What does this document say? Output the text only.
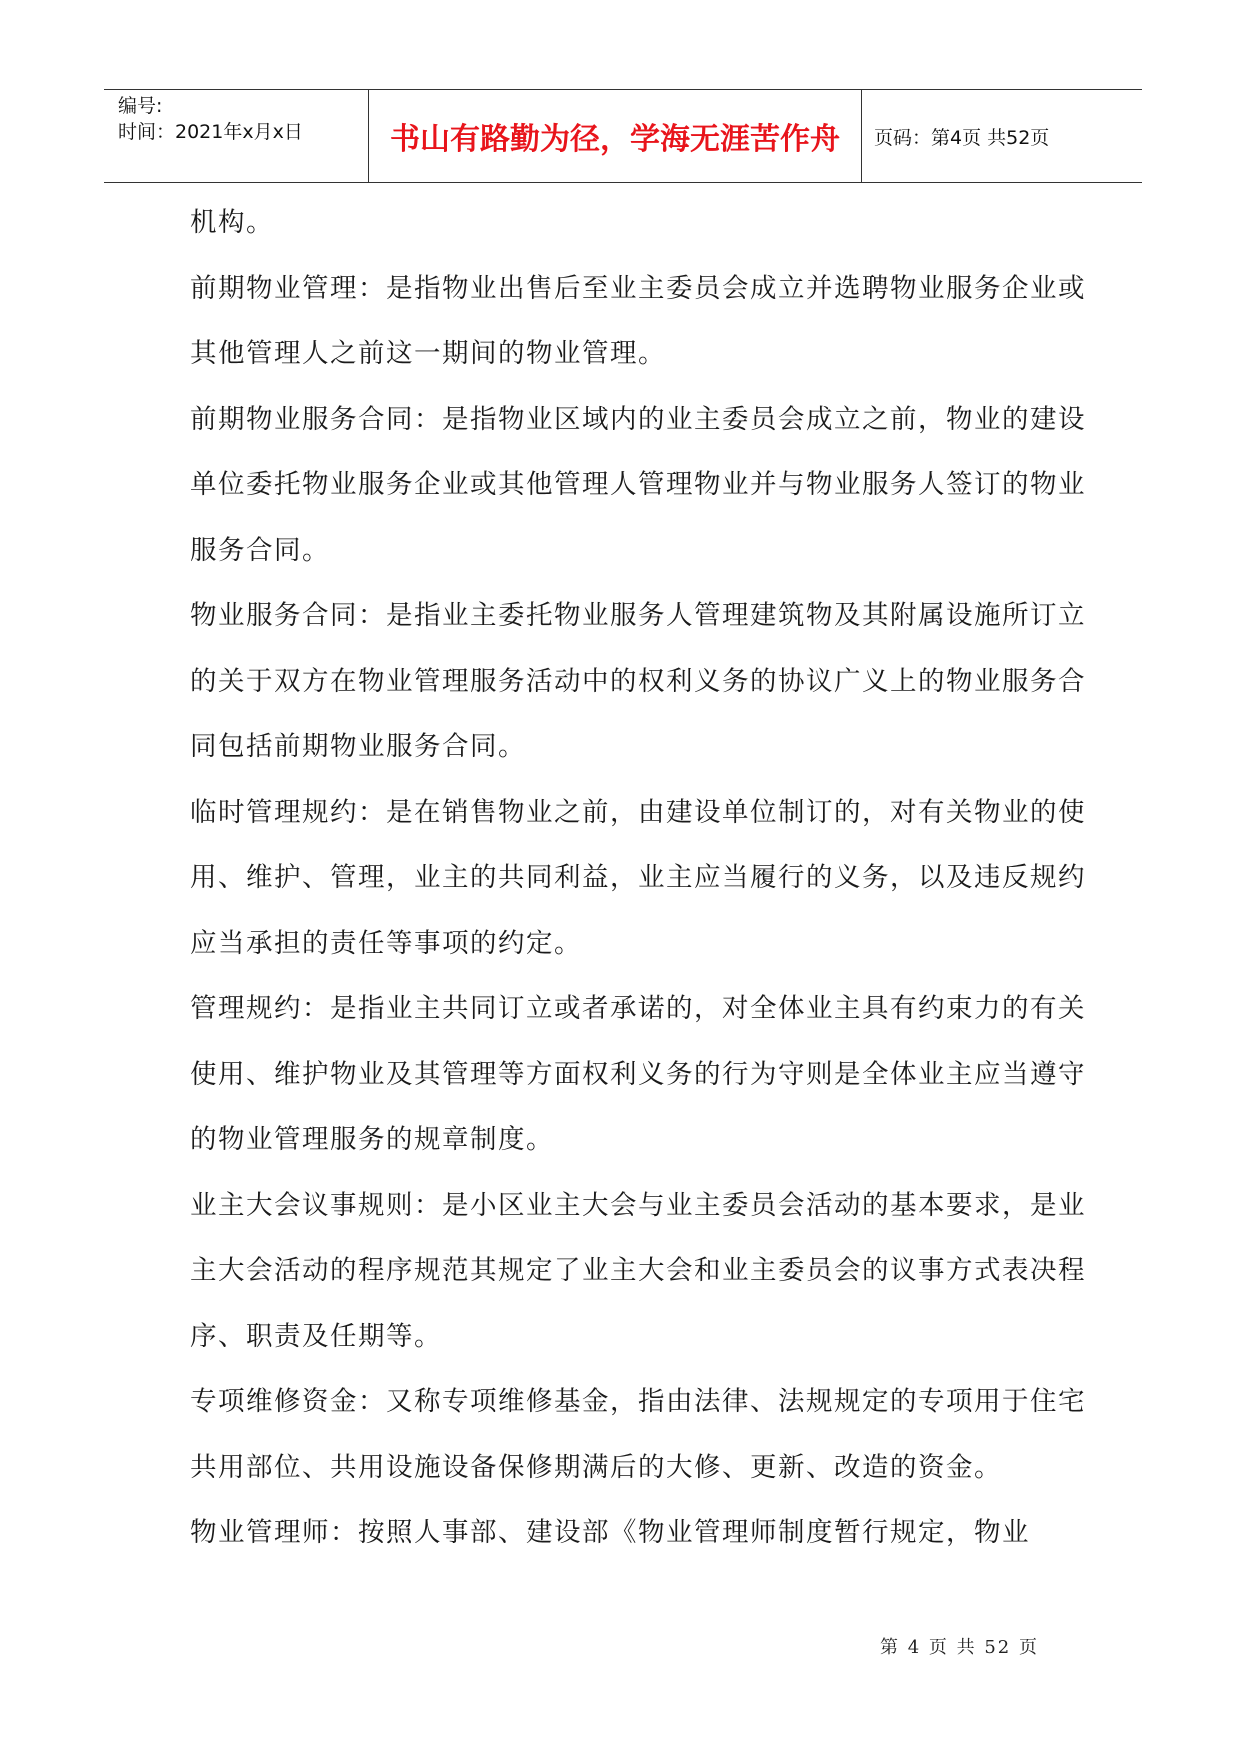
编号:
时间：2021年x月x日	书山有路勤为径，学海无涯苦作舟	页码：第4页 共52页

机构。

前期物业管理：是指物业出售后至业主委员会成立并选聘物业服务企业或其他管理人之前这一期间的物业管理。

前期物业服务合同：是指物业区域内的业主委员会成立之前，物业的建设单位委托物业服务企业或其他管理人管理物业并与物业服务人签订的物业服务合同。

物业服务合同：是指业主委托物业服务人管理建筑物及其附属设施所订立的关于双方在物业管理服务活动中的权利义务的协议广义上的物业服务合同包括前期物业服务合同。

临时管理规约：是在销售物业之前，由建设单位制订的，对有关物业的使用、维护、管理，业主的共同利益，业主应当履行的义务，以及违反规约应当承担的责任等事项的约定。

管理规约：是指业主共同订立或者承诺的，对全体业主具有约束力的有关使用、维护物业及其管理等方面权利义务的行为守则是全体业主应当遵守的物业管理服务的规章制度。

业主大会议事规则：是小区业主大会与业主委员会活动的基本要求，是业主大会活动的程序规范其规定了业主大会和业主委员会的议事方式表决程序、职责及任期等。

专项维修资金：又称专项维修基金，指由法律、法规规定的专项用于住宅共用部位、共用设施设备保修期满后的大修、更新、改造的资金。

物业管理师：按照人事部、建设部《物业管理师制度暂行规定，物业

第 4 页 共 52 页
